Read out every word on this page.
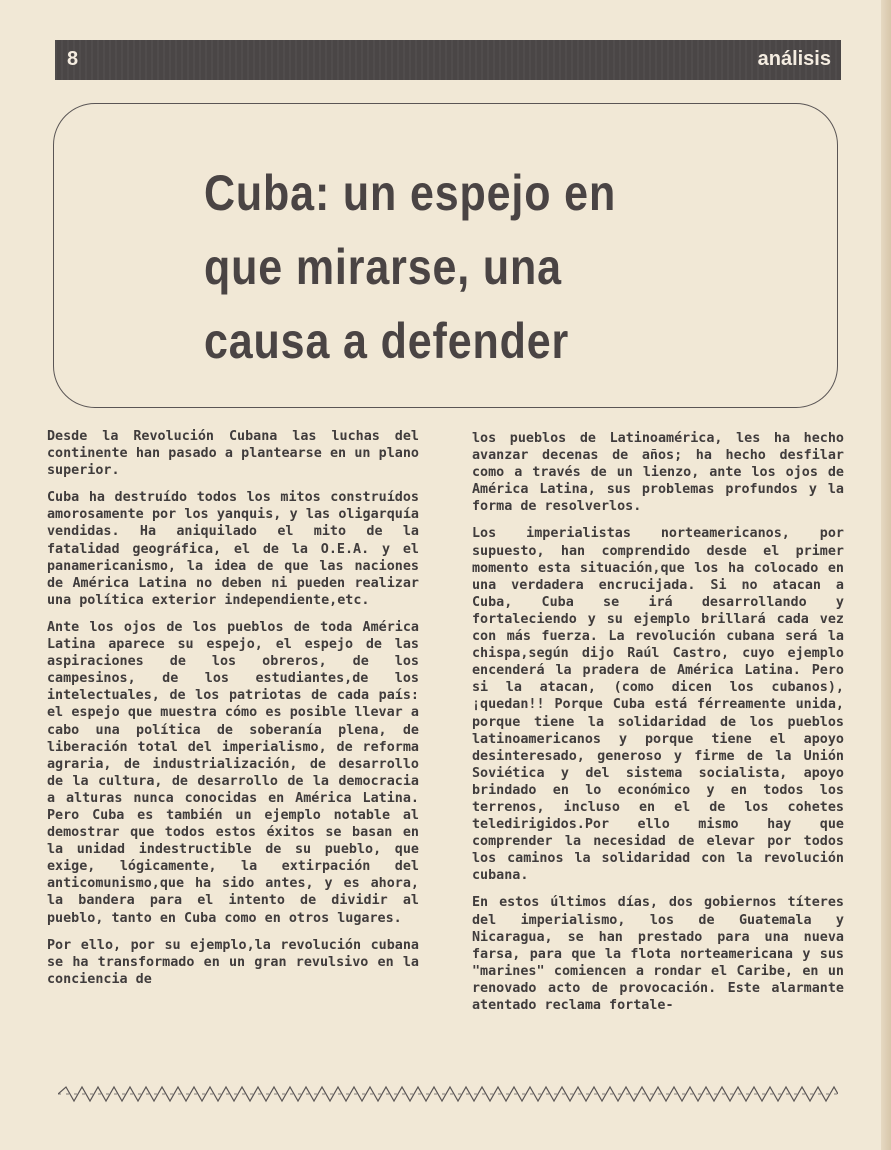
8	análisis
Cuba: un espejo en
que mirarse, una
causa a defender

Desde la Revolución Cubana las luchas del continente han pasado a plantearse en un plano superior.

Cuba ha destruído todos los mitos construídos amorosamente por los yanquis, y las oligarquía vendidas. Ha aniquilado el mito de la fatalidad geográfica, el de la O.E.A. y el panamericanismo, la idea de que las naciones de América Latina no deben ni pueden realizar una política exterior independiente,etc.

Ante los ojos de los pueblos de toda América Latina aparece su espejo, el espejo de las aspiraciones de los obreros, de los campesinos, de los estudiantes,de los intelectuales, de los patriotas de cada país: el espejo que muestra cómo es posible llevar a cabo una política de soberanía plena, de liberación total del imperialismo, de reforma agraria, de industrialización, de desarrollo de la cultura, de desarrollo de la democracia a alturas nunca conocidas en América Latina. Pero Cuba es también un ejemplo notable al demostrar que todos estos éxitos se basan en la unidad indestructible de su pueblo, que exige, lógicamente, la extirpación del anticomunismo,que ha sido antes, y es ahora, la bandera para el intento de dividir al pueblo, tanto en Cuba como en otros lugares.

Por ello, por su ejemplo,la revolución cubana se ha transformado en un gran revulsivo en la conciencia de

los pueblos de Latinoamérica, les ha hecho avanzar decenas de años; ha hecho desfilar como a través de un lienzo, ante los ojos de América Latina, sus problemas profundos y la forma de resolverlos.

Los imperialistas norteamericanos, por supuesto, han comprendido desde el primer momento esta situación,que los ha colocado en una verdadera encrucijada. Si no atacan a Cuba, Cuba se irá desarrollando y fortaleciendo y su ejemplo brillará cada vez con más fuerza. La revolución cubana será la chispa,según dijo Raúl Castro, cuyo ejemplo encenderá la pradera de América Latina. Pero si la atacan, (como dicen los cubanos), ¡quedan!! Porque Cuba está férreamente unida, porque tiene la solidaridad de los pueblos latinoamericanos y porque tiene el apoyo desinteresado, generoso y firme de la Unión Soviética y del sistema socialista, apoyo brindado en lo económico y en todos los terrenos, incluso en el de los cohetes teledirigidos.Por ello mismo hay que comprender la necesidad de elevar por todos los caminos la solidaridad con la revolución cubana.

En estos últimos días, dos gobiernos títeres del imperialismo, los de Guatemala y Nicaragua, se han prestado para una nueva farsa, para que la flota norteamericana y sus "marines" comiencen a rondar el Caribe, en un renovado acto de provocación. Este alarmante atentado reclama fortale-
